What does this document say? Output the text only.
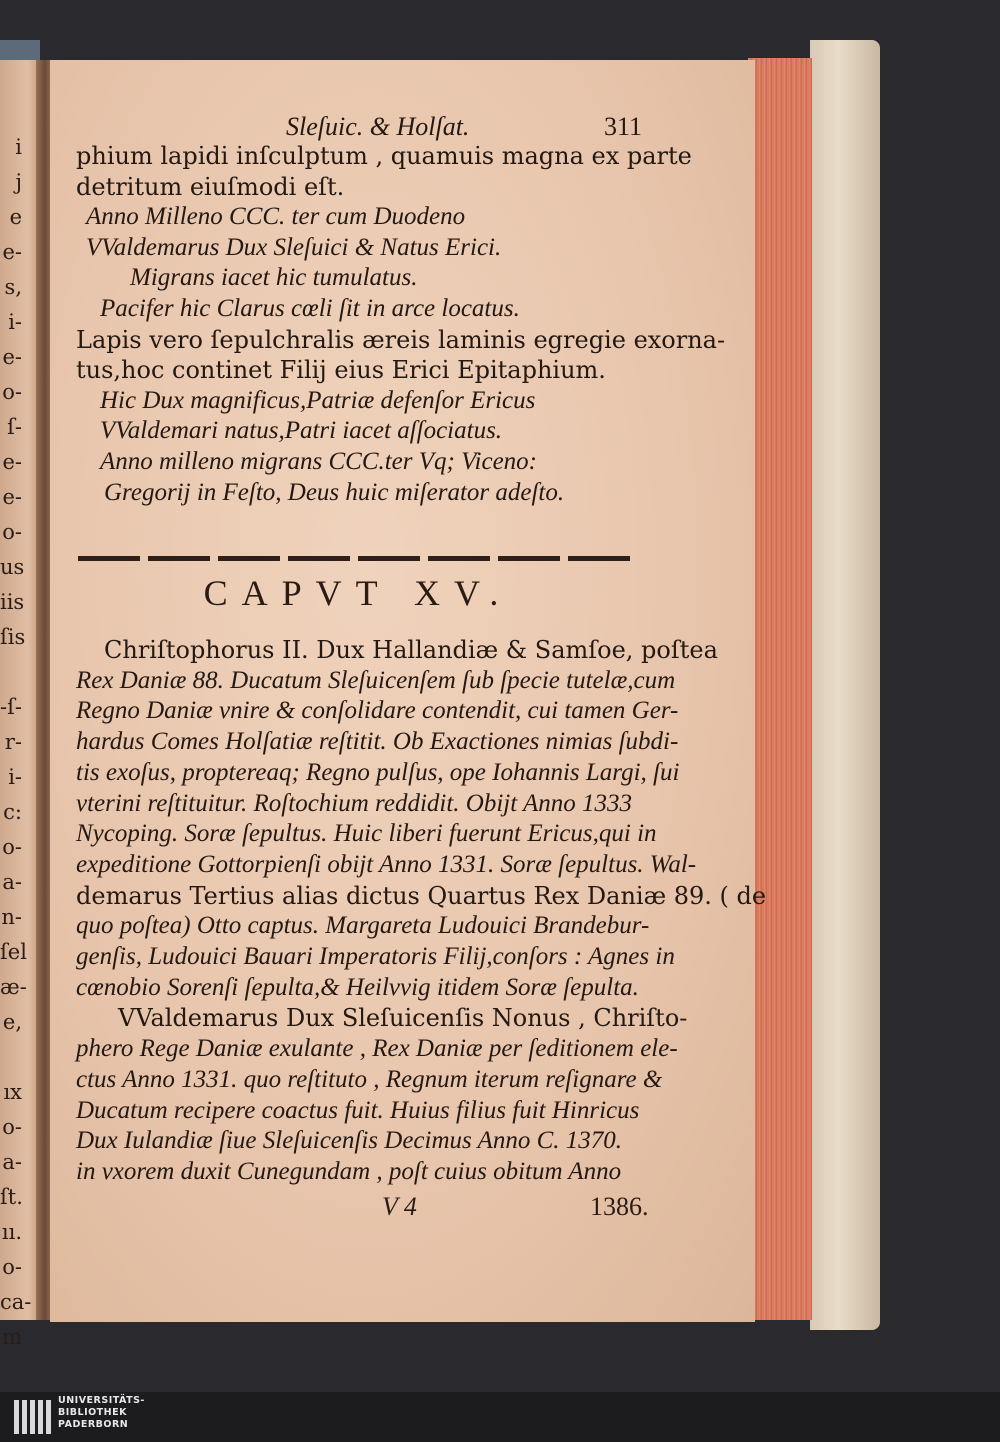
i
j
e
e-
s,
i-
e-
o-
ſ-
e-
e-
o-
us
iis
ſis
-ſ-
r-
i-
c:
o-
a-
n-
ſel
æ-
e,
ıx
o-
a-
ſt.
ıı.
o-
ca-
m
Sleſuic. & Holſat.	311
phium lapidi inſculptum , quamuis magna ex parte
detritum eiuſmodi eſt.
Anno Milleno CCC. ter cum Duodeno
VValdemarus Dux Sleſuici & Natus Erici.
Migrans iacet hic tumulatus.
Pacifer hic Clarus cœli ſit in arce locatus.
Lapis vero ſepulchralis æreis laminis egregie exorna-
tus,hoc continet Filij eius Erici Epitaphium.
Hic Dux magnificus,Patriæ defenſor Ericus
VValdemari natus,Patri iacet aſſociatus.
Anno milleno migrans CCC.ter Vq; Viceno:
Gregorij in Feſto, Deus huic miſerator adeſto.
Chriſtophorus II. Dux Hallandiæ & Samſoe, poſtea
Rex Daniæ 88. Ducatum Sleſuicenſem ſub ſpecie tutelæ,cum
Regno Daniæ vnire & conſolidare contendit, cui tamen Ger-
hardus Comes Holſatiæ reſtitit. Ob Exactiones nimias ſubdi-
tis exoſus, proptereaq; Regno pulſus, ope Iohannis Largi, ſui
vterini reſtituitur. Roſtochium reddidit. Obijt Anno 1333
Nycoping. Soræ ſepultus. Huic liberi fuerunt Ericus,qui in
expeditione Gottorpienſi obijt Anno 1331. Soræ ſepultus. Wal-
demarus Tertius alias dictus Quartus Rex Daniæ 89. ( de
quo poſtea) Otto captus. Margareta Ludouici Brandebur-
genſis, Ludouici Bauari Imperatoris Filij,conſors : Agnes in
cœnobio Sorenſi ſepulta,& Heilvvig itidem Soræ ſepulta.
VValdemarus Dux Sleſuicenſis Nonus , Chriſto-
phero Rege Daniæ exulante , Rex Daniæ per ſeditionem ele-
ctus Anno 1331. quo reſtituto , Regnum iterum reſignare &
Ducatum recipere coactus fuit. Huius filius fuit Hinricus
Dux Iulandiæ ſiue Sleſuicenſis Decimus Anno C. 1370.
in vxorem duxit Cunegundam , poſt cuius obitum Anno
CAPVT XV.
V 4	1386.
UNIVERSITÄTS-
BIBLIOTHEK
PADERBORN
